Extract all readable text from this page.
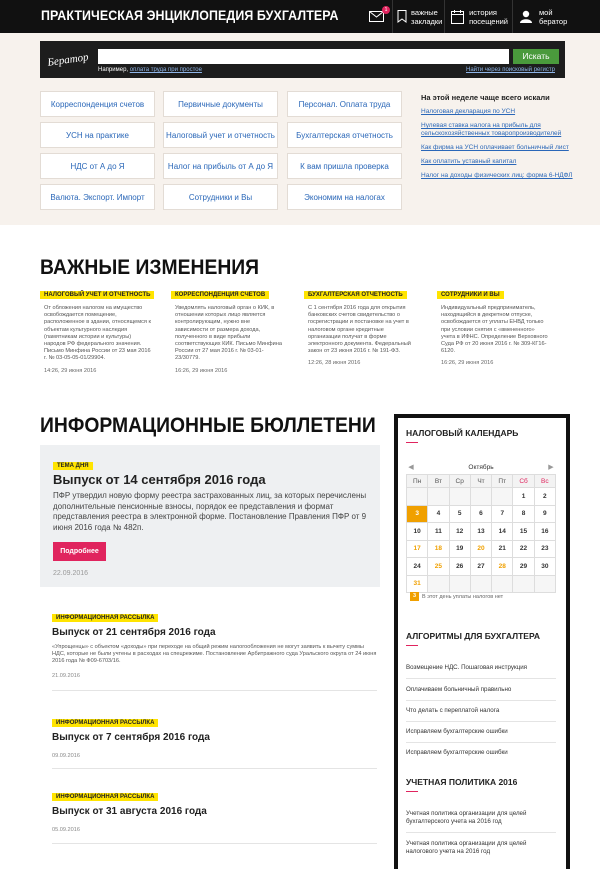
ПРАКТИЧЕСКАЯ ЭНЦИКЛОПЕДИЯ БУХГАЛТЕРА	1	важные
закладки
история
посещений
мой
бератор
Бератор	Искать
Например, оплата труда при простое	Найти через поисковый регистр
Корреспонденция счетов	Первичные документы	Персонал. Оплата труда
УСН на практике	Налоговый учет и отчетность	Бухгалтерская отчетность
НДС от А до Я	Налог на прибыль от А до Я	К вам пришла проверка
Валюта. Экспорт. Импорт	Сотрудники и Вы	Экономим на налогах
На этой неделе чаще всего искали
Налоговая декларация по УСН
Нулевая ставка налога на прибыль для сельскохозяйственных товаропроизводителей
Как фирма на УСН оплачивает больничный лист
Как оплатить уставный капитал
Налог на доходы физических лиц: форма 6-НДФЛ
ВАЖНЫЕ ИЗМЕНЕНИЯ
НАЛОГОВЫЙ УЧЕТ И ОТЧЕТНОСТЬ
От обложения налогом на имущество освобождается помещение, расположенное в здании, относящемся к объектам культурного наследия (памятникам истории и культуры) народов РФ федерального значения. Письмо Минфина России от 23 мая 2016 г. № 03-05-05-01/29904.
14:26, 29 июня 2016
КОРРЕСПОНДЕНЦИЯ СЧЕТОВ
Уведомлять налоговый орган о КИК, в отношении которых лицо является контролирующим, нужно вне зависимости от размера дохода, полученного в виде прибыли соответствующих КИК. Письмо Минфина России от 27 мая 2016 г. № 03-01-23/30779.
16:26, 29 июня 2016
БУХГАЛТЕРСКАЯ ОТЧЕТНОСТЬ
С 1 сентября 2016 года для открытия банковских счетов свидетельство о госрегистрации и постановке на учет в налоговом органе кредитные организации получат в форме электронного документа. Федеральный закон от 23 июня 2016 г. № 191-ФЗ.
12:26, 28 июня 2016
СОТРУДНИКИ И ВЫ
Индивидуальный предприниматель, находящийся в декретном отпуске, освобождается от уплаты ЕНВД только при условии снятия с «вмененного» учета в ИФНС. Определение Верховного Суда РФ от 20 июня 2016 г. № 309-КГ16-6120.
16:26, 29 июня 2016
ИНФОРМАЦИОННЫЕ БЮЛЛЕТЕНИ
ТЕМА ДНЯ
Выпуск от 14 сентября 2016 года
ПФР утвердил новую форму реестра застрахованных лиц, за которых перечислены дополнительные пенсионные взносы, порядок ее представления и формат представления реестра в электронной форме. Постановление Правления ПФР от 9 июня 2016 года № 482п.
Подробнее
22.09.2016
ИНФОРМАЦИОННАЯ РАССЫЛКА
Выпуск от 21 сентября 2016 года
«Упрощенцы» с объектом «доходы» при переходе на общий режим налогообложения не могут заявить к вычету суммы НДС, которые не были учтены в расходах на спецрежиме. Постановление Арбитражного суда Уральского округа от 24 июня 2016 года № Ф09-6703/16.
21.09.2016
ИНФОРМАЦИОННАЯ РАССЫЛКА
Выпуск от 7 сентября 2016 года
09.09.2016
ИНФОРМАЦИОННАЯ РАССЫЛКА
Выпуск от 31 августа 2016 года
05.09.2016
НАЛОГОВЫЙ КАЛЕНДАРЬ
◀	Октябрь	▶
Пн	Вт	Ср	Чт	Пт	Сб	Вс
					1	2
3	4	5	6	7	8	9
10	11	12	13	14	15	16
17	18	19	20	21	22	23
24	25	26	27	28	29	30
31						
3	В этот день уплаты налогов нет
АЛГОРИТМЫ ДЛЯ БУХГАЛТЕРА
Возмещение НДС. Пошаговая инструкция
Оплачиваем больничный правильно
Что делать с переплатой налога
Исправляем бухгалтерские ошибки
Исправляем бухгалтерские ошибки
УЧЕТНАЯ ПОЛИТИКА 2016
Учетная политика организации для целей бухгалтерского учета на 2016 год
Учетная политика организации для целей налогового учета на 2016 год
